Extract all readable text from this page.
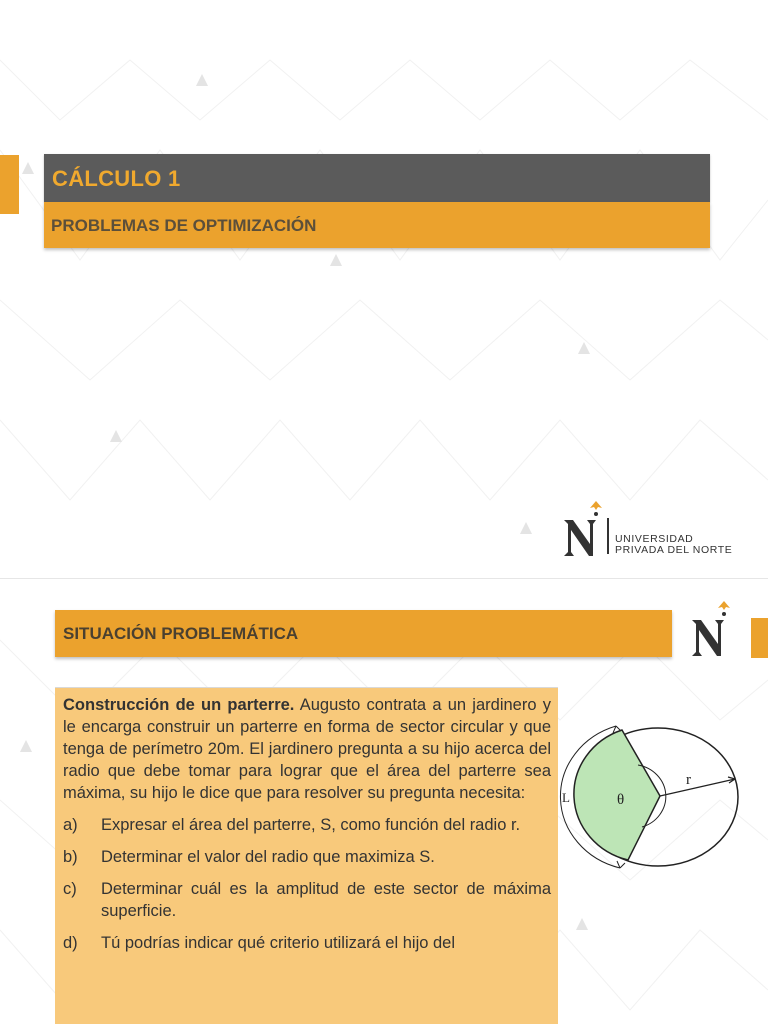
CÁLCULO 1
PROBLEMAS DE OPTIMIZACIÓN
UNIVERSIDAD
PRIVADA DEL NORTE
SITUACIÓN PROBLEMÁTICA

Construcción de un parterre. Augusto contrata a un jardinero y le encarga construir un parterre en forma de sector circular y que tenga de perímetro 20m. El jardinero pregunta a su hijo acerca del radio que debe tomar para lograr que el área del parterre sea máxima, su hijo le dice que para resolver su pregunta necesita:

a)	Expresar el área del parterre, S, como función del radio r.
b)	Determinar el valor del radio que maximiza S.
c)	Determinar cuál es la amplitud de este sector de máxima superficie.
d)	Tú podrías indicar qué criterio utilizará el hijo del
r
L	θ
